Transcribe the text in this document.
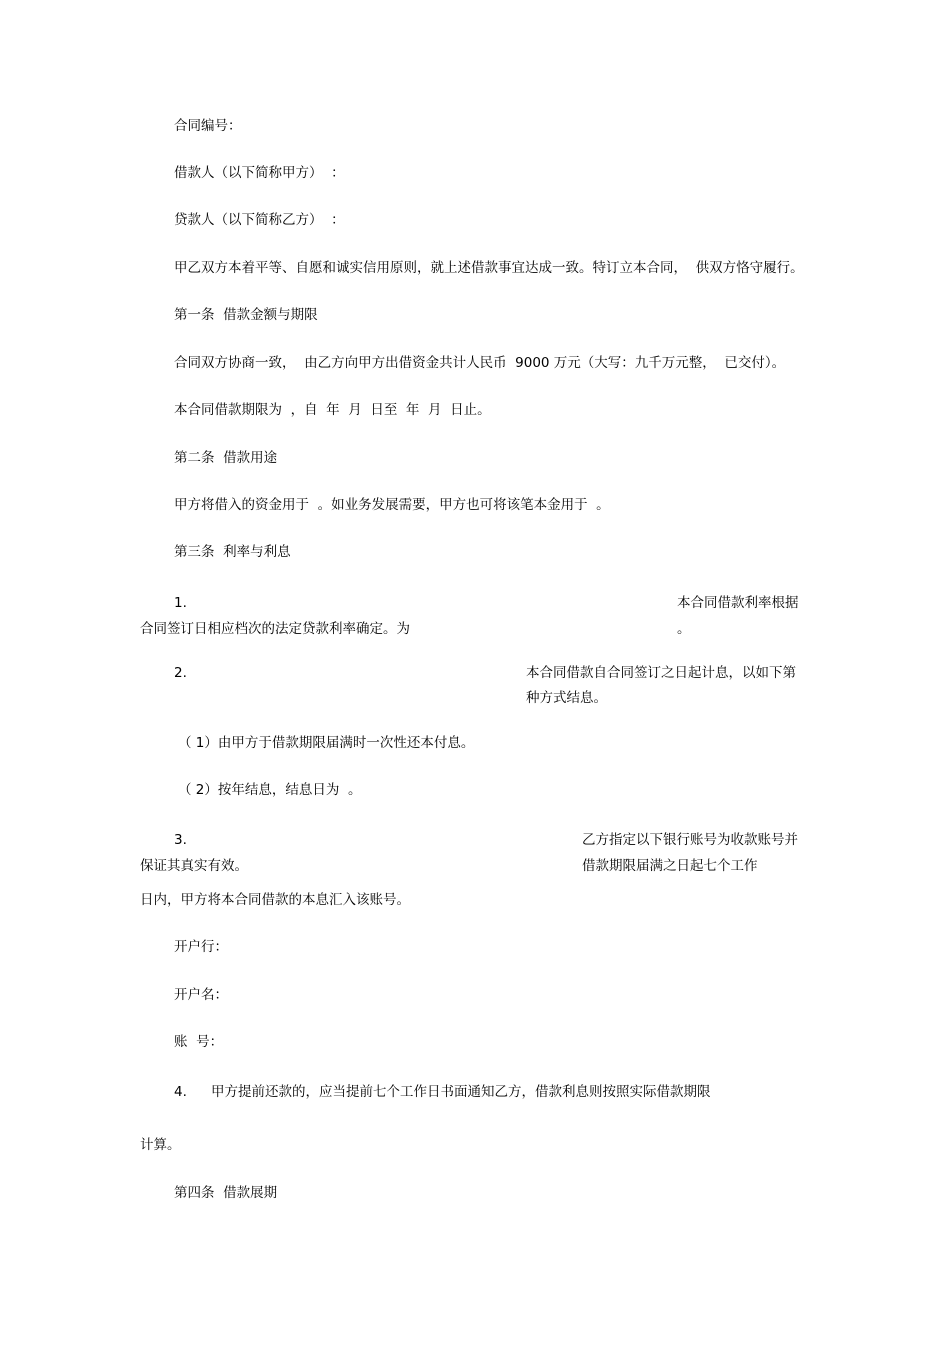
合同编号：
借款人（以下简称甲方）  ：
贷款人（以下简称乙方）  ：
甲乙双方本着平等、自愿和诚实信用原则，就上述借款事宜达成一致。特订立本合同，  供双方恪守履行。
第一条  借款金额与期限
合同双方协商一致，  由乙方向甲方出借资金共计人民币  9000 万元（大写：九千万元整，  已交付）。
本合同借款期限为  ，自  年  月  日至  年  月  日止。
第二条  借款用途
甲方将借入的资金用于  。如业务发展需要，甲方也可将该笔本金用于  。
第三条  利率与利息
1.	本合同借款利率根据
合同签订日相应档次的法定贷款利率确定。为	。
2.	本合同借款自合同签订之日起计息，以如下第
种方式结息。
（ 1）由甲方于借款期限届满时一次性还本付息。
（ 2）按年结息，结息日为  。
3.	乙方指定以下银行账号为收款账号并
保证其真实有效。	借款期限届满之日起七个工作
日内，甲方将本合同借款的本息汇入该账号。
开户行：
开户名：
账  号：
4. 甲方提前还款的，应当提前七个工作日书面通知乙方，借款利息则按照实际借款期限
计算。
第四条  借款展期
